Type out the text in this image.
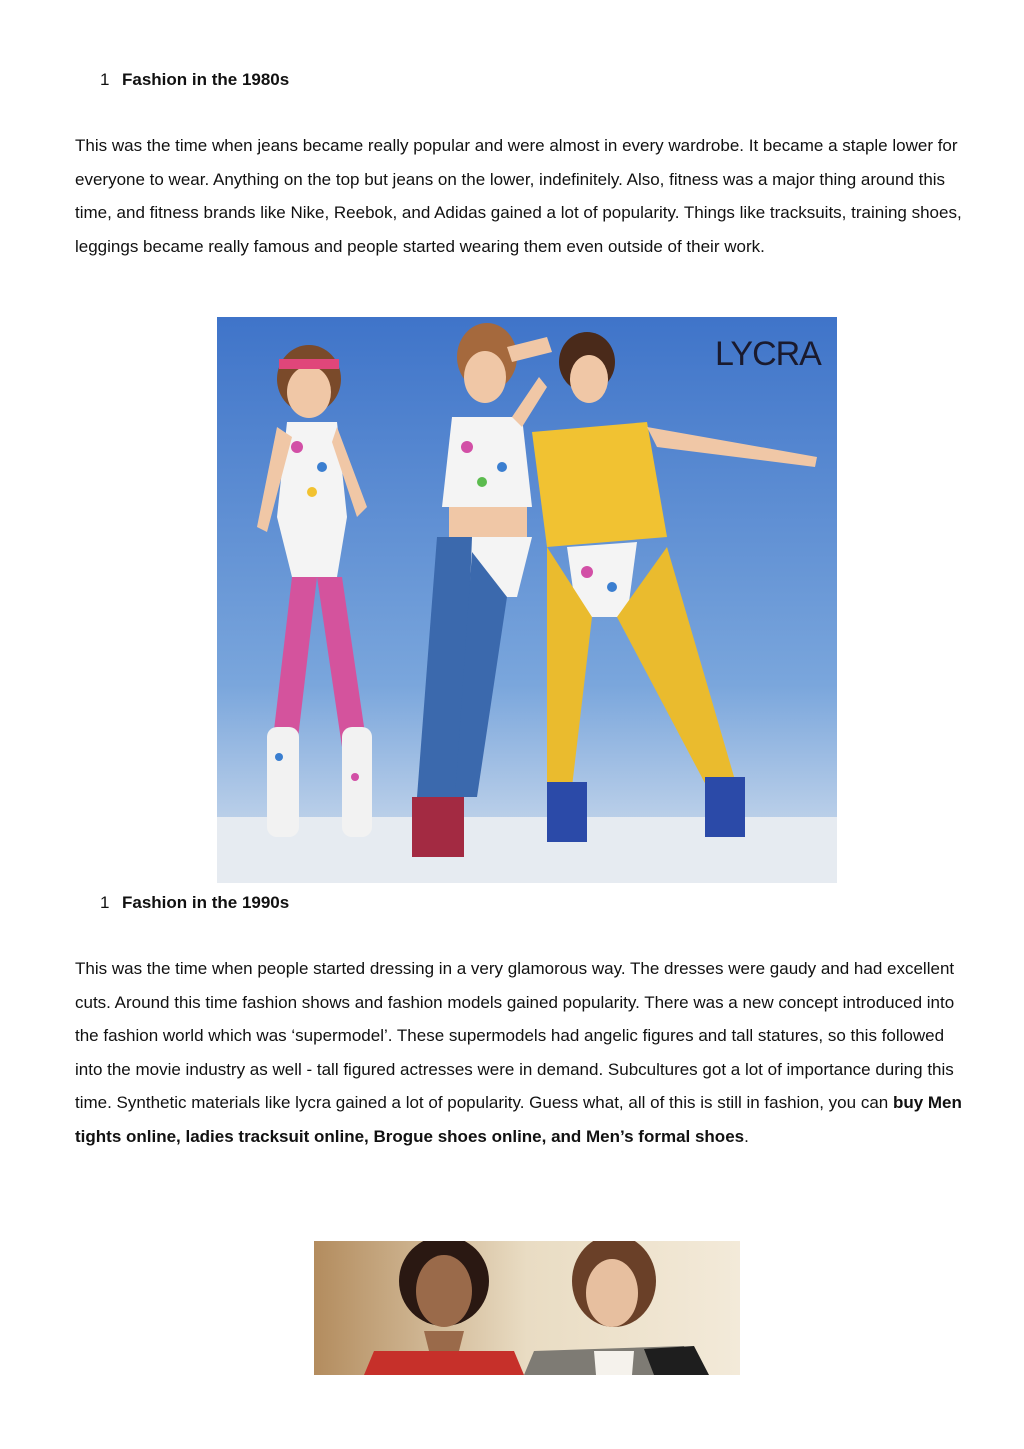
1 Fashion in the 1980s

This was the time when jeans became really popular and were almost in every wardrobe. It became a staple lower for everyone to wear. Anything on the top but jeans on the lower, indefinitely. Also, fitness was a major thing around this time, and fitness brands like Nike, Reebok, and Adidas gained a lot of popularity. Things like tracksuits, training shoes, leggings became really famous and people started wearing them even outside of their work.

LYCRA
1 Fashion in the 1990s

This was the time when people started dressing in a very glamorous way. The dresses were gaudy and had excellent cuts. Around this time fashion shows and fashion models gained popularity. There was a new concept introduced into the fashion world which was ‘supermodel’. These supermodels had angelic figures and tall statures, so this followed into the movie industry as well - tall figured actresses were in demand. Subcultures got a lot of importance during this time. Synthetic materials like lycra gained a lot of popularity. Guess what, all of this is still in fashion, you can buy Men tights online, ladies tracksuit online, Brogue shoes online, and Men’s formal shoes.
